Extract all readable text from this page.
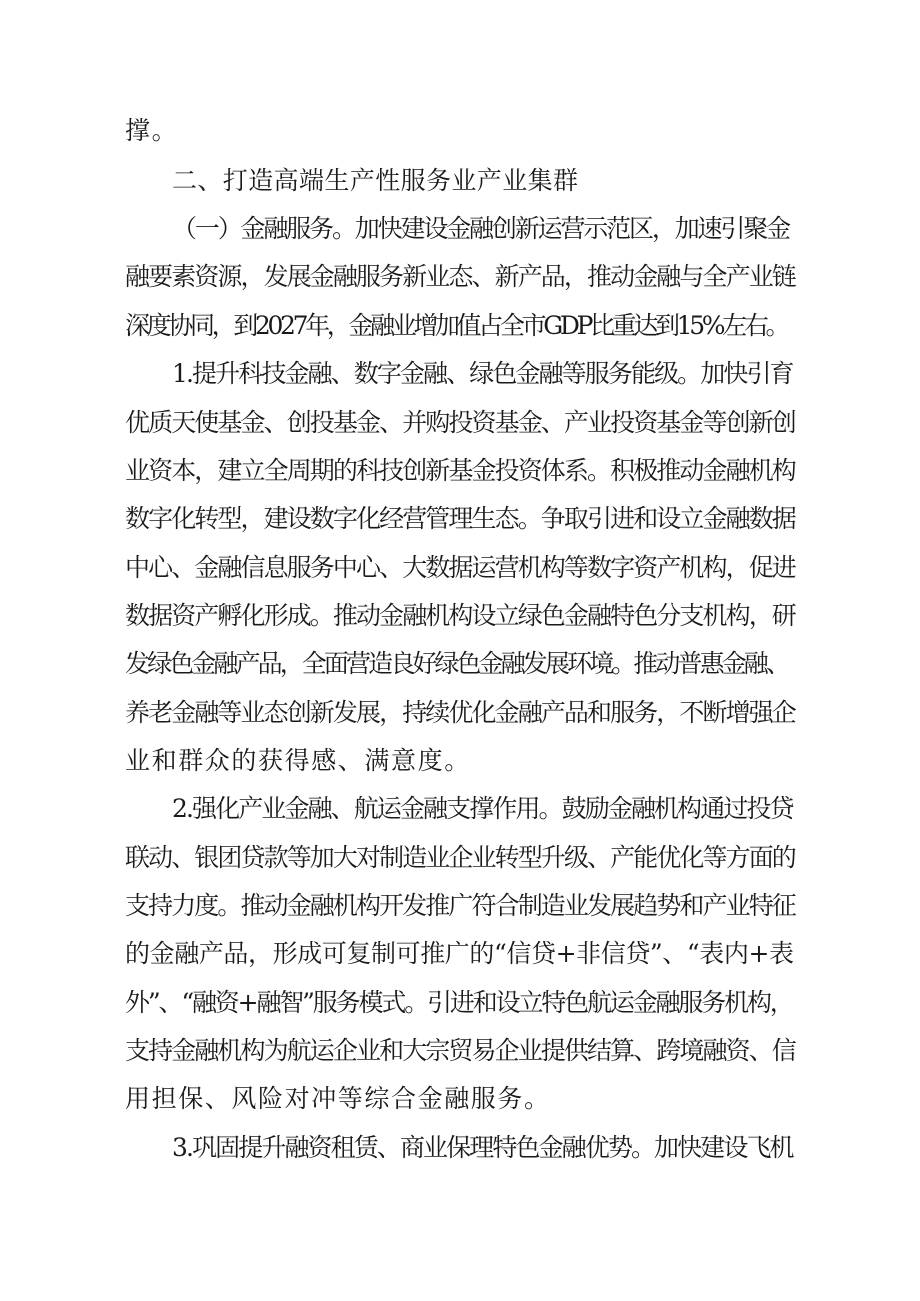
撑。
二、打造高端生产性服务业产业集群
（一）金融服务。加快建设金融创新运营示范区，加速引聚金
融要素资源，发展金融服务新业态、新产品，推动金融与全产业链
深度协同，到2027年，金融业增加值占全市GDP比重达到15%左右。
1.提升科技金融、数字金融、绿色金融等服务能级。加快引育
优质天使基金、创投基金、并购投资基金、产业投资基金等创新创
业资本，建立全周期的科技创新基金投资体系。积极推动金融机构
数字化转型，建设数字化经营管理生态。争取引进和设立金融数据
中心、金融信息服务中心、大数据运营机构等数字资产机构，促进
数据资产孵化形成。推动金融机构设立绿色金融特色分支机构，研
发绿色金融产品，全面营造良好绿色金融发展环境。推动普惠金融、
养老金融等业态创新发展，持续优化金融产品和服务，不断增强企
业和群众的获得感、满意度。
2.强化产业金融、航运金融支撑作用。鼓励金融机构通过投贷
联动、银团贷款等加大对制造业企业转型升级、产能优化等方面的
支持力度。推动金融机构开发推广符合制造业发展趋势和产业特征
的金融产品，形成可复制可推广的“信贷+非信贷”、“表内+表
外”、“融资+融智”服务模式。引进和设立特色航运金融服务机构，
支持金融机构为航运企业和大宗贸易企业提供结算、跨境融资、信
用担保、风险对冲等综合金融服务。
3.巩固提升融资租赁、商业保理特色金融优势。加快建设飞机
